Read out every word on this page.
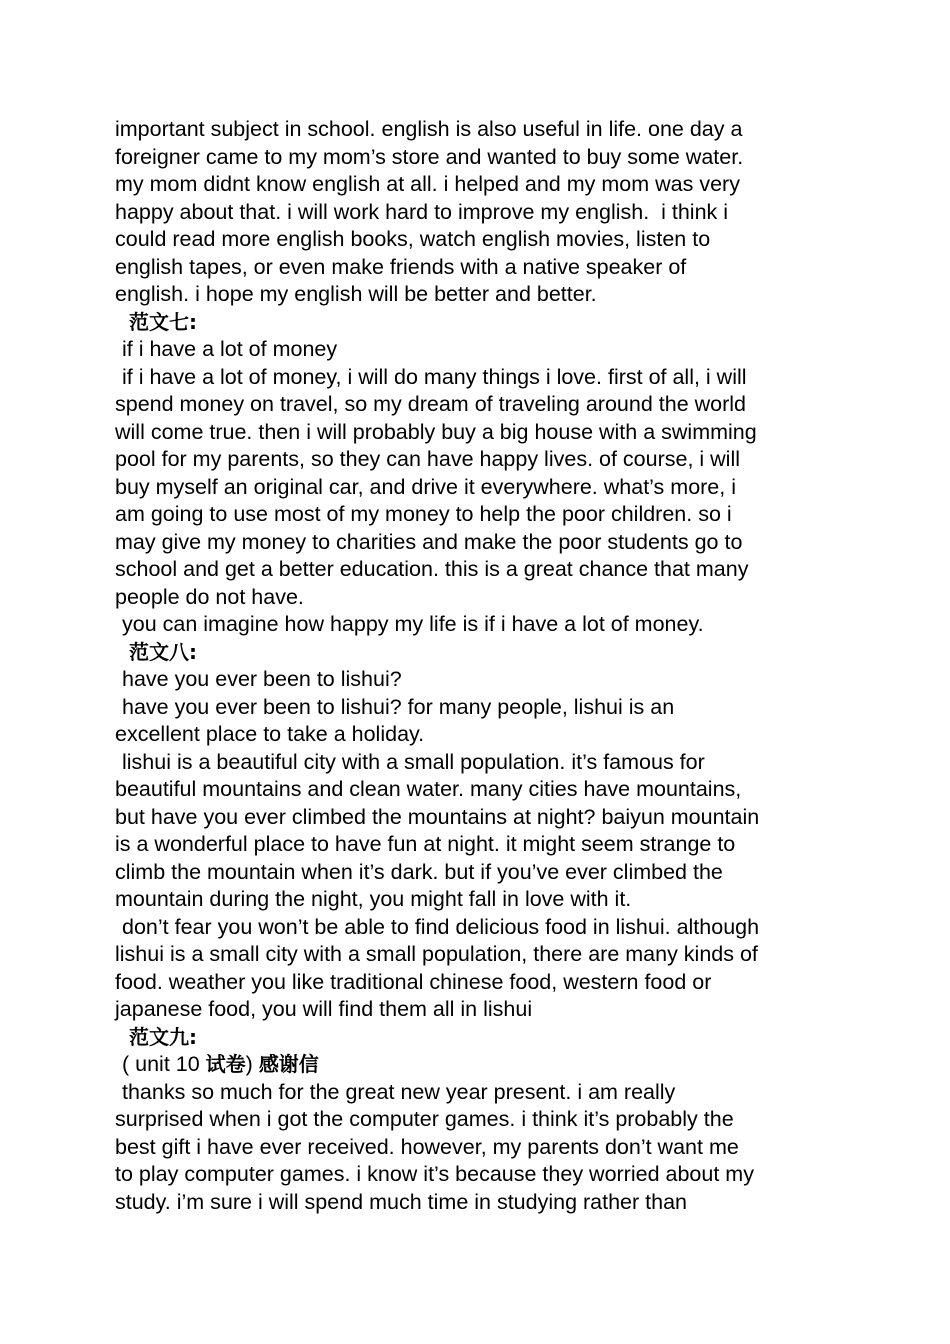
important subject in school. english is also useful in life. one day a
foreigner came to my mom’s store and wanted to buy some water.
my mom didnt know english at all. i helped and my mom was very
happy about that. i will work hard to improve my english.  i think i
could read more english books, watch english movies, listen to
english tapes, or even make friends with a native speaker of
english. i hope my english will be better and better.
范文七:
if i have a lot of money
if i have a lot of money, i will do many things i love. first of all, i will
spend money on travel, so my dream of traveling around the world
will come true. then i will probably buy a big house with a swimming
pool for my parents, so they can have happy lives. of course, i will
buy myself an original car, and drive it everywhere. what’s more, i
am going to use most of my money to help the poor children. so i
may give my money to charities and make the poor students go to
school and get a better education. this is a great chance that many
people do not have.
you can imagine how happy my life is if i have a lot of money.
范文八:
have you ever been to lishui?
have you ever been to lishui? for many people, lishui is an
excellent place to take a holiday.
lishui is a beautiful city with a small population. it’s famous for
beautiful mountains and clean water. many cities have mountains,
but have you ever climbed the mountains at night? baiyun mountain
is a wonderful place to have fun at night. it might seem strange to
climb the mountain when it’s dark. but if you’ve ever climbed the
mountain during the night, you might fall in love with it.
don’t fear you won’t be able to find delicious food in lishui. although
lishui is a small city with a small population, there are many kinds of
food. weather you like traditional chinese food, western food or
japanese food, you will find them all in lishui
范文九:
( unit 10 试卷) 感谢信
thanks so much for the great new year present. i am really
surprised when i got the computer games. i think it’s probably the
best gift i have ever received. however, my parents don’t want me
to play computer games. i know it’s because they worried about my
study. i’m sure i will spend much time in studying rather than
